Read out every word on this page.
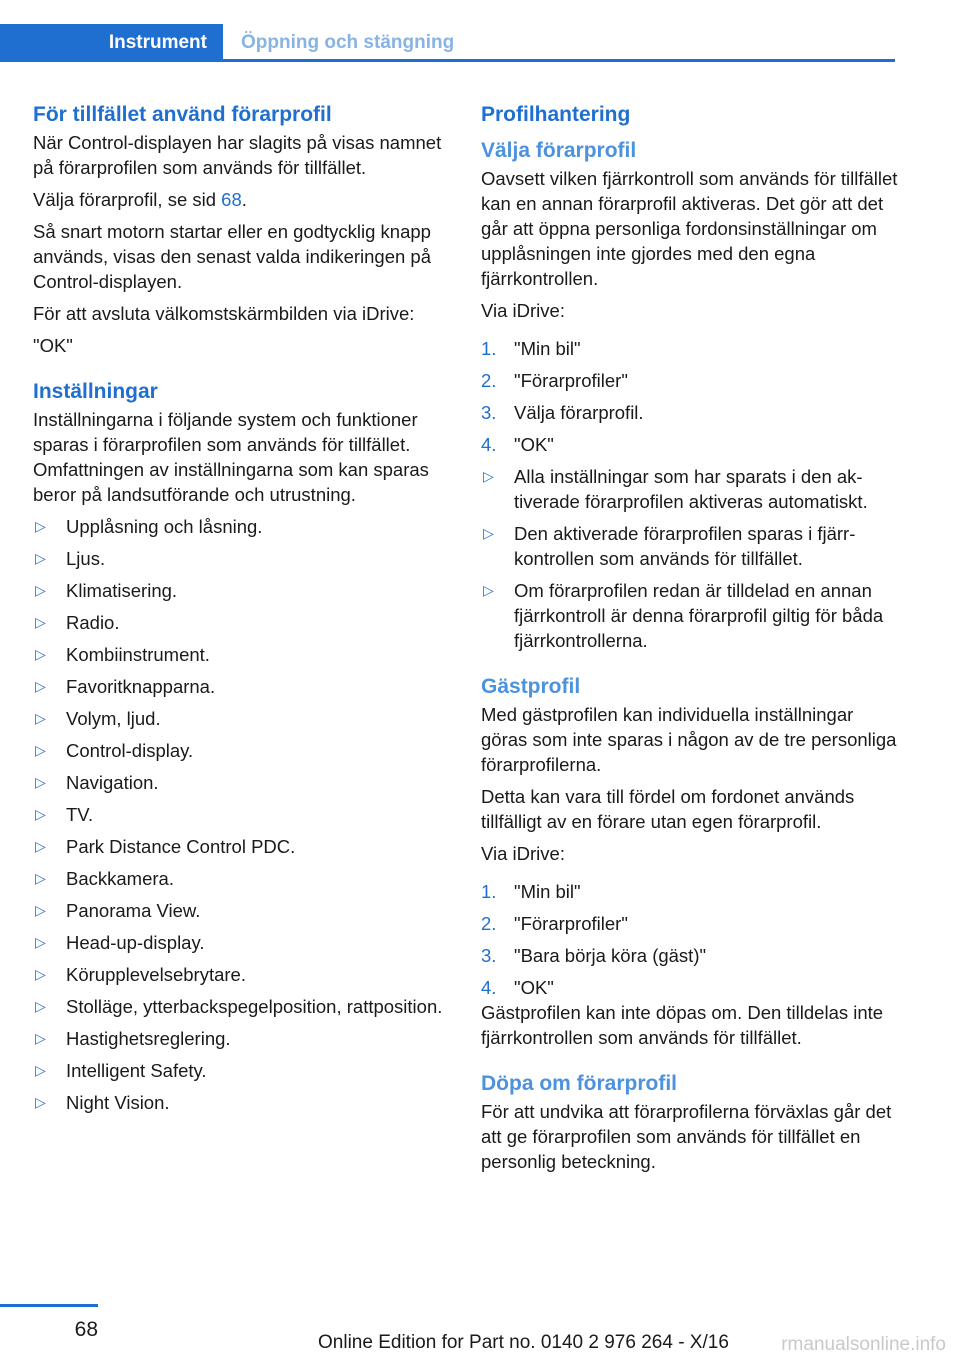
Instrument	Öppning och stängning
För tillfället använd förarprofil

När Control-displayen har slagits på visas namnet på förarprofilen som används för tillfället.

Välja förarprofil, se sid 68.

Så snart motorn startar eller en godtycklig knapp används, visas den senast valda indikeringen på Control-displayen.

För att avsluta välkomstskärmbilden via iDrive:

"OK"

Inställningar

Inställningarna i följande system och funktioner sparas i förarprofilen som används för tillfället. Omfattningen av inställningarna som kan sparas beror på landsutförande och utrustning.

▷ Upplåsning och låsning.
▷ Ljus.
▷ Klimatisering.
▷ Radio.
▷ Kombiinstrument.
▷ Favoritknapparna.
▷ Volym, ljud.
▷ Control-display.
▷ Navigation.
▷ TV.
▷ Park Distance Control PDC.
▷ Backkamera.
▷ Panorama View.
▷ Head-up-display.
▷ Körupplevelsebrytare.
▷ Stolläge, ytterbackspegelposition, rattposition.
▷ Hastighetsreglering.
▷ Intelligent Safety.
▷ Night Vision.
Profilhantering
Välja förarprofil

Oavsett vilken fjärrkontroll som används för tillfället kan en annan förarprofil aktiveras. Det gör att det går att öppna personliga fordonsinställningar om upplåsningen inte gjordes med den egna fjärrkontrollen.

Via iDrive:

1. "Min bil"
2. "Förarprofiler"
3. Välja förarprofil.
4. "OK"
▷ Alla inställningar som har sparats i den aktiverade förarprofilen aktiveras automatiskt.
▷ Den aktiverade förarprofilen sparas i fjärrkontrollen som används för tillfället.
▷ Om förarprofilen redan är tilldelad en annan fjärrkontroll är denna förarprofil giltig för båda fjärrkontrollerna.
Gästprofil

Med gästprofilen kan individuella inställningar göras som inte sparas i någon av de tre personliga förarprofilerna.

Detta kan vara till fördel om fordonet används tillfälligt av en förare utan egen förarprofil.

Via iDrive:

1. "Min bil"
2. "Förarprofiler"
3. "Bara börja köra (gäst)"
4. "OK"

Gästprofilen kan inte döpas om. Den tilldelas inte fjärrkontrollen som används för tillfället.

Döpa om förarprofil

För att undvika att förarprofilerna förväxlas går det att ge förarprofilen som används för tillfället en personlig beteckning.

68
Online Edition for Part no. 0140 2 976 264 - X/16	rmanualsonline.info
